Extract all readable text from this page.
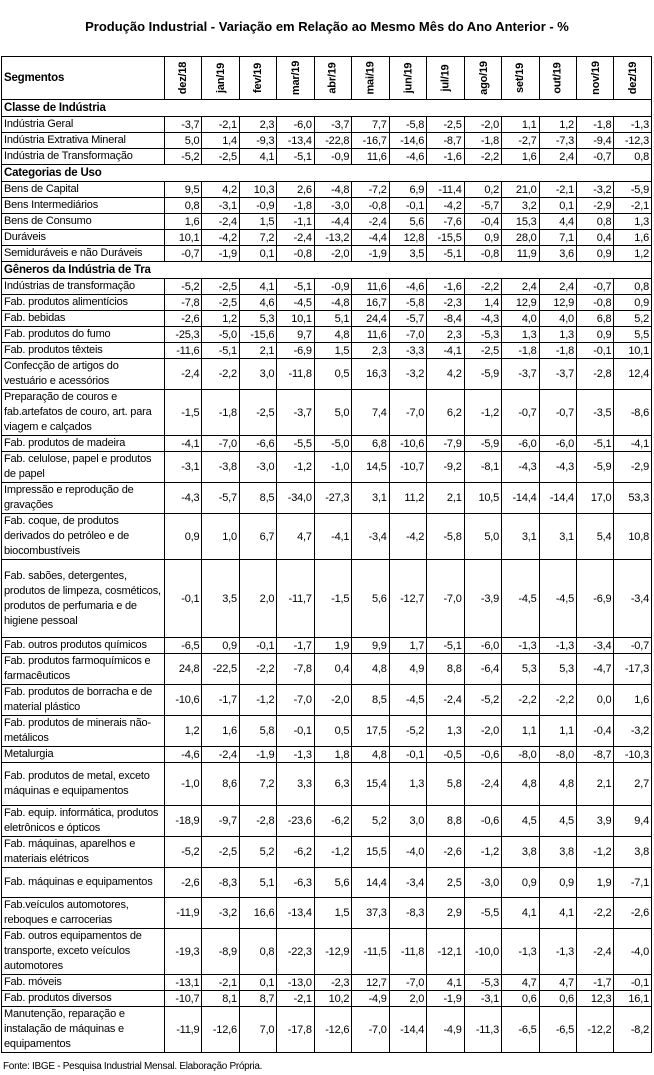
Produção Industrial - Variação em Relação ao Mesmo Mês do Ano Anterior - %
Segmentos	dez/18	jan/19	fev/19	mar/19	abr/19	mai/19	jun/19	jul/19	ago/19	set/19	out/19	nov/19	dez/19
Classe de Indústria													
Indústria Geral	-3,7	-2,1	2,3	-6,0	-3,7	7,7	-5,8	-2,5	-2,0	1,1	1,2	-1,8	-1,3
Indústria Extrativa Mineral	5,0	1,4	-9,3	-13,4	-22,8	-16,7	-14,6	-8,7	-1,8	-2,7	-7,3	-9,4	-12,3
Indústria de Transformação	-5,2	-2,5	4,1	-5,1	-0,9	11,6	-4,6	-1,6	-2,2	1,6	2,4	-0,7	0,8
Categorias de Uso													
Bens de Capital	9,5	4,2	10,3	2,6	-4,8	-7,2	6,9	-11,4	0,2	21,0	-2,1	-3,2	-5,9
Bens Intermediários	0,8	-3,1	-0,9	-1,8	-3,0	-0,8	-0,1	-4,2	-5,7	3,2	0,1	-2,9	-2,1
Bens de Consumo	1,6	-2,4	1,5	-1,1	-4,4	-2,4	5,6	-7,6	-0,4	15,3	4,4	0,8	1,3
Duráveis	10,1	-4,2	7,2	-2,4	-13,2	-4,4	12,8	-15,5	0,9	28,0	7,1	0,4	1,6
Semiduráveis e não Duráveis	-0,7	-1,9	0,1	-0,8	-2,0	-1,9	3,5	-5,1	-0,8	11,9	3,6	0,9	1,2
Gêneros da Indústria de Tra													
Indústrias de transformação	-5,2	-2,5	4,1	-5,1	-0,9	11,6	-4,6	-1,6	-2,2	2,4	2,4	-0,7	0,8
Fab. produtos alimentícios	-7,8	-2,5	4,6	-4,5	-4,8	16,7	-5,8	-2,3	1,4	12,9	12,9	-0,8	0,9
Fab. bebidas	-2,6	1,2	5,3	10,1	5,1	24,4	-5,7	-8,4	-4,3	4,0	4,0	6,8	5,2
Fab. produtos do fumo	-25,3	-5,0	-15,6	9,7	4,8	11,6	-7,0	2,3	-5,3	1,3	1,3	0,9	5,5
Fab. produtos têxteis	-11,6	-5,1	2,1	-6,9	1,5	2,3	-3,3	-4,1	-2,5	-1,8	-1,8	-0,1	10,1
Confecção de artigos do vestuário e acessórios	-2,4	-2,2	3,0	-11,8	0,5	16,3	-3,2	4,2	-5,9	-3,7	-3,7	-2,8	12,4
Preparação de couros e fab.artefatos de couro, art. para viagem e calçados	-1,5	-1,8	-2,5	-3,7	5,0	7,4	-7,0	6,2	-1,2	-0,7	-0,7	-3,5	-8,6
Fab. produtos de madeira	-4,1	-7,0	-6,6	-5,5	-5,0	6,8	-10,6	-7,9	-5,9	-6,0	-6,0	-5,1	-4,1
Fab. celulose, papel e produtos de papel	-3,1	-3,8	-3,0	-1,2	-1,0	14,5	-10,7	-9,2	-8,1	-4,3	-4,3	-5,9	-2,9
Impressão e reprodução de gravações	-4,3	-5,7	8,5	-34,0	-27,3	3,1	11,2	2,1	10,5	-14,4	-14,4	17,0	53,3
Fab. coque, de produtos derivados do petróleo e de biocombustíveis	0,9	1,0	6,7	4,7	-4,1	-3,4	-4,2	-5,8	5,0	3,1	3,1	5,4	10,8
Fab. sabões, detergentes, produtos de limpeza, cosméticos, produtos de perfumaria e de higiene pessoal	-0,1	3,5	2,0	-11,7	-1,5	5,6	-12,7	-7,0	-3,9	-4,5	-4,5	-6,9	-3,4
Fab. outros produtos químicos	-6,5	0,9	-0,1	-1,7	1,9	9,9	1,7	-5,1	-6,0	-1,3	-1,3	-3,4	-0,7
Fab. produtos farmoquímicos e farmacêuticos	24,8	-22,5	-2,2	-7,8	0,4	4,8	4,9	8,8	-6,4	5,3	5,3	-4,7	-17,3
Fab. produtos de borracha e de material plástico	-10,6	-1,7	-1,2	-7,0	-2,0	8,5	-4,5	-2,4	-5,2	-2,2	-2,2	0,0	1,6
Fab. produtos de minerais não-metálicos	1,2	1,6	5,8	-0,1	0,5	17,5	-5,2	1,3	-2,0	1,1	1,1	-0,4	-3,2
Metalurgia	-4,6	-2,4	-1,9	-1,3	1,8	4,8	-0,1	-0,5	-0,6	-8,0	-8,0	-8,7	-10,3
Fab. produtos de metal, exceto máquinas e equipamentos	-1,0	8,6	7,2	3,3	6,3	15,4	1,3	5,8	-2,4	4,8	4,8	2,1	2,7
Fab. equip. informática, produtos eletrônicos e ópticos	-18,9	-9,7	-2,8	-23,6	-6,2	5,2	3,0	8,8	-0,6	4,5	4,5	3,9	9,4
Fab. máquinas, aparelhos e materiais elétricos	-5,2	-2,5	5,2	-6,2	-1,2	15,5	-4,0	-2,6	-1,2	3,8	3,8	-1,2	3,8
Fab. máquinas e equipamentos	-2,6	-8,3	5,1	-6,3	5,6	14,4	-3,4	2,5	-3,0	0,9	0,9	1,9	-7,1
Fab.veículos automotores, reboques e carrocerias	-11,9	-3,2	16,6	-13,4	1,5	37,3	-8,3	2,9	-5,5	4,1	4,1	-2,2	-2,6
Fab. outros equipamentos de transporte, exceto veículos automotores	-19,3	-8,9	0,8	-22,3	-12,9	-11,5	-11,8	-12,1	-10,0	-1,3	-1,3	-2,4	-4,0
Fab. móveis	-13,1	-2,1	0,1	-13,0	-2,3	12,7	-7,0	4,1	-5,3	4,7	4,7	-1,7	-0,1
Fab. produtos diversos	-10,7	8,1	8,7	-2,1	10,2	-4,9	2,0	-1,9	-3,1	0,6	0,6	12,3	16,1
Manutenção, reparação e instalação de máquinas e equipamentos	-11,9	-12,6	7,0	-17,8	-12,6	-7,0	-14,4	-4,9	-11,3	-6,5	-6,5	-12,2	-8,2
Fonte: IBGE - Pesquisa Industrial Mensal. Elaboração Própria.
